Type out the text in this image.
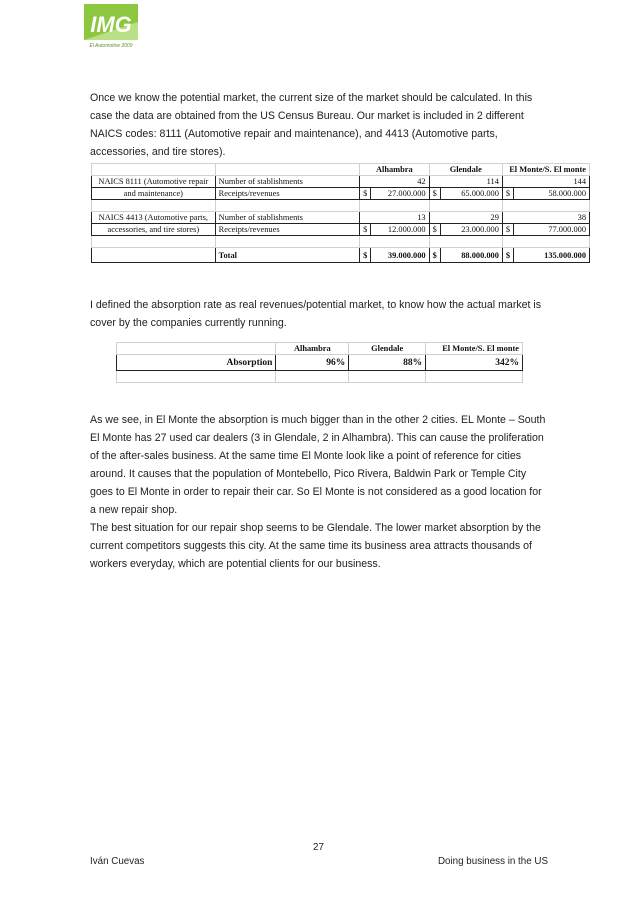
IMG
El Automotive 2009

Once we know the potential market, the current size of the market should be calculated. In this case the data are obtained from the US Census Bureau. Our market is included in 2 different NAICS codes: 8111 (Automotive repair and maintenance), and 4413 (Automotive parts, accessories, and tire stores).

		Alhambra		Glendale		El Monte/S. El monte	
NAICS 8111 (Automotive repair	Number of stablishments	42		114		144	
and maintenance)	Receipts/revenues	$	27.000.000	$	65.000.000	$	58.000.000

NAICS 4413 (Automotive parts,	Number of stablishments	13		29		38	
accessories, and tire stores)	Receipts/revenues	$	12.000.000	$	23.000.000	$	77.000.000

	Total	$	39.000.000	$	88.000.000	$	135.000.000

I defined the absorption rate as real revenues/potential market, to know how the actual market is cover by the companies currently running.

	Alhambra	Glendale	El Monte/S. El monte
Absorption	96%	88%	342%

As we see, in El Monte the absorption is much bigger than in the other 2 cities. EL Monte – South El Monte has 27 used car dealers (3 in Glendale, 2 in Alhambra). This can cause the proliferation of the after-sales business. At the same time El Monte look like a point of reference for cities around. It causes that the population of Montebello, Pico Rivera, Baldwin Park or Temple City goes to El Monte in order to repair their car. So El Monte is not considered as a good location for a new repair shop.

The best situation for our repair shop seems to be Glendale. The lower market absorption by the current competitors suggests this city. At the same time its business area attracts thousands of workers everyday, which are potential clients for our business.

27
Iván Cuevas	Doing business in the US
